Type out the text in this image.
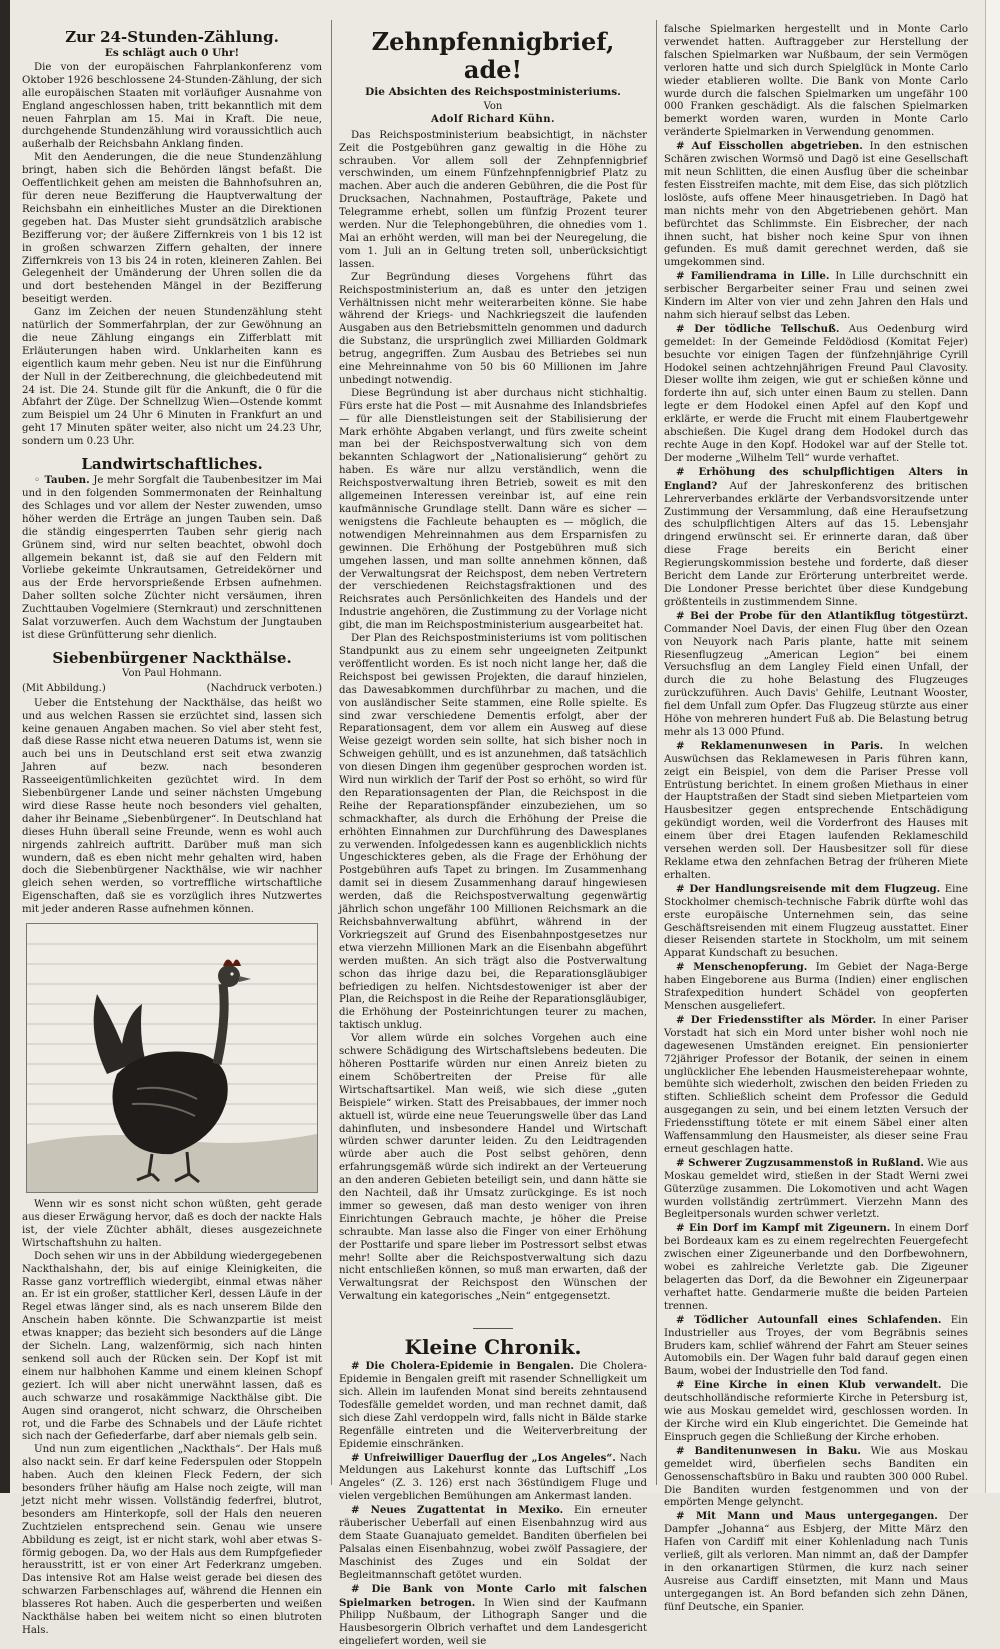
Zur 24-Stunden-Zählung.
Es schlägt auch 0 Uhr!

Die von der europäischen Fahrplankonferenz vom Oktober 1926 beschlossene 24-Stunden-Zählung, der sich alle europäischen Staaten mit vorläufiger Ausnahme von England angeschlossen haben, tritt bekanntlich mit dem neuen Fahrplan am 15. Mai in Kraft. Die neue, durchgehende Stundenzählung wird voraussichtlich auch außerhalb der Reichsbahn Anklang finden.

Mit den Aenderungen, die die neue Stundenzählung bringt, haben sich die Behörden längst befaßt. Die Oeffentlichkeit gehen am meisten die Bahnhofsuhren an, für deren neue Bezifferung die Hauptverwaltung der Reichsbahn ein einheitliches Muster an die Direktionen gegeben hat. Das Muster sieht grundsätzlich arabische Bezifferung vor; der äußere Ziffernkreis von 1 bis 12 ist in großen schwarzen Ziffern gehalten, der innere Ziffernkreis von 13 bis 24 in roten, kleineren Zahlen. Bei Gelegenheit der Umänderung der Uhren sollen die da und dort bestehenden Mängel in der Bezifferung beseitigt werden.

Ganz im Zeichen der neuen Stundenzählung steht natürlich der Sommerfahrplan, der zur Gewöhnung an die neue Zählung eingangs ein Zifferblatt mit Erläuterungen haben wird. Unklarheiten kann es eigentlich kaum mehr geben. Neu ist nur die Einführung der Null in der Zeitberechnung, die gleichbedeutend mit 24 ist. Die 24. Stunde gilt für die Ankunft, die 0 für die Abfahrt der Züge. Der Schnellzug Wien—Ostende kommt zum Beispiel um 24 Uhr 6 Minuten in Frankfurt an und geht 17 Minuten später weiter, also nicht um 24.23 Uhr, sondern um 0.23 Uhr.

Landwirtschaftliches.

◦ Tauben. Je mehr Sorgfalt die Taubenbesitzer im Mai und in den folgenden Sommermonaten der Reinhaltung des Schlages und vor allem der Nester zuwenden, umso höher werden die Erträge an jungen Tauben sein. Daß die ständig eingesperrten Tauben sehr gierig nach Grünem sind, wird nur selten beachtet, obwohl doch allgemein bekannt ist, daß sie auf den Feldern mit Vorliebe gekeimte Unkrautsamen, Getreidekörner und aus der Erde hervorsprießende Erbsen aufnehmen. Daher sollten solche Züchter nicht versäumen, ihren Zuchttauben Vogelmiere (Sternkraut) und zerschnittenen Salat vorzuwerfen. Auch dem Wachstum der Jungtauben ist diese Grünfütterung sehr dienlich.

Siebenbürgener Nackthälse.
Von Paul Hohmann.
(Mit Abbildung.)	(Nachdruck verboten.)

Ueber die Entstehung der Nackthälse, das heißt wo und aus welchen Rassen sie erzüchtet sind, lassen sich keine genauen Angaben machen. So viel aber steht fest, daß diese Rasse nicht etwa neueren Datums ist, wenn sie auch bei uns in Deutschland erst seit etwa zwanzig Jahren auf bezw. nach besonderen Rasseeigentümlichkeiten gezüchtet wird. In dem Siebenbürgener Lande und seiner nächsten Umgebung wird diese Rasse heute noch besonders viel gehalten, daher ihr Beiname „Siebenbürgener“. In Deutschland hat dieses Huhn überall seine Freunde, wenn es wohl auch nirgends zahlreich auftritt. Darüber muß man sich wundern, daß es eben nicht mehr gehalten wird, haben doch die Siebenbürgener Nackthälse, wie wir nachher gleich sehen werden, so vortreffliche wirtschaftliche Eigenschaften, daß sie es vorzüglich ihres Nutzwertes mit jeder anderen Rasse aufnehmen können.

Wenn wir es sonst nicht schon wüßten, geht gerade aus dieser Erwägung hervor, daß es doch der nackte Hals ist, der viele Züchter abhält, dieses ausgezeichnete Wirtschaftshuhn zu halten.

Doch sehen wir uns in der Abbildung wiedergegebenen Nackthalshahn, der, bis auf einige Kleinigkeiten, die Rasse ganz vortrefflich wiedergibt, einmal etwas näher an. Er ist ein großer, stattlicher Kerl, dessen Läufe in der Regel etwas länger sind, als es nach unserem Bilde den Anschein haben könnte. Die Schwanzpartie ist meist etwas knapper; das bezieht sich besonders auf die Länge der Sicheln. Lang, walzenförmig, sich nach hinten senkend soll auch der Rücken sein. Der Kopf ist mit einem nur halbhohen Kamme und einem kleinen Schopf geziert. Ich will aber nicht unerwähnt lassen, daß es auch schwarze und rosakämmige Nackthälse gibt. Die Augen sind orangerot, nicht schwarz, die Ohrscheiben rot, und die Farbe des Schnabels und der Läufe richtet sich nach der Gefiederfarbe, darf aber niemals gelb sein.

Und nun zum eigentlichen „Nackthals“. Der Hals muß also nackt sein. Er darf keine Federspulen oder Stoppeln haben. Auch den kleinen Fleck Federn, der sich besonders früher häufig am Halse noch zeigte, will man jetzt nicht mehr wissen. Vollständig federfrei, blutrot, besonders am Hinterkopfe, soll der Hals den neueren Zuchtzielen entsprechend sein. Genau wie unsere Abbildung es zeigt, ist er nicht stark, wohl aber etwas S-förmig gebogen. Da, wo der Hals aus dem Rumpfgefieder herausstritt, ist er von einer Art Federkranz umgeben. Das intensive Rot am Halse weist gerade bei diesen des schwarzen Farbenschlages auf, während die Hennen ein blasseres Rot haben. Auch die gesperberten und weißen Nackthälse haben bei weitem nicht so einen blutroten Hals.

Zehnpfennigbrief, ade!
Die Absichten des Reichspostministeriums.
Von
Adolf Richard Kühn.

Das Reichspostministerium beabsichtigt, in nächster Zeit die Postgebühren ganz gewaltig in die Höhe zu schrauben. Vor allem soll der Zehnpfennigbrief verschwinden, um einem Fünfzehnpfennigbrief Platz zu machen. Aber auch die anderen Gebühren, die die Post für Drucksachen, Nachnahmen, Postaufträge, Pakete und Telegramme erhebt, sollen um fünfzig Prozent teurer werden. Nur die Telephongebühren, die ohnedies vom 1. Mai an erhöht werden, will man bei der Neuregelung, die vom 1. Juli an in Geltung treten soll, unberücksichtigt lassen.

Zur Begründung dieses Vorgehens führt das Reichspostministerium an, daß es unter den jetzigen Verhältnissen nicht mehr weiterarbeiten könne. Sie habe während der Kriegs- und Nachkriegszeit die laufenden Ausgaben aus den Betriebsmitteln genommen und dadurch die Substanz, die ursprünglich zwei Milliarden Goldmark betrug, angegriffen. Zum Ausbau des Betriebes sei nun eine Mehreinnahme von 50 bis 60 Millionen im Jahre unbedingt notwendig.

Diese Begründung ist aber durchaus nicht stichhaltig. Fürs erste hat die Post — mit Ausnahme des Inlandsbriefes — für alle Dienstleistungen seit der Stabilisierung der Mark erhöhte Abgaben verlangt, und fürs zweite scheint man bei der Reichspostverwaltung sich von dem bekannten Schlagwort der „Nationalisierung“ gehört zu haben. Es wäre nur allzu verständlich, wenn die Reichspostverwaltung ihren Betrieb, soweit es mit den allgemeinen Interessen vereinbar ist, auf eine rein kaufmännische Grundlage stellt. Dann wäre es sicher — wenigstens die Fachleute behaupten es — möglich, die notwendigen Mehreinnahmen aus dem Ersparnisfen zu gewinnen. Die Erhöhung der Postgebühren muß sich umgehen lassen, und man sollte annehmen können, daß der Verwaltungsrat der Reichspost, dem neben Vertretern der verschiedenen Reichstagsfraktionen und des Reichsrates auch Persönlichkeiten des Handels und der Industrie angehören, die Zustimmung zu der Vorlage nicht gibt, die man im Reichspostministerium ausgearbeitet hat.

Der Plan des Reichspostministeriums ist vom politischen Standpunkt aus zu einem sehr ungeeigneten Zeitpunkt veröffentlicht worden. Es ist noch nicht lange her, daß die Reichspost bei gewissen Projekten, die darauf hinzielen, das Dawesabkommen durchführbar zu machen, und die von ausländischer Seite stammen, eine Rolle spielte. Es sind zwar verschiedene Dementis erfolgt, aber der Reparationsagent, dem vor allem ein Ausweg auf diese Weise gezeigt worden sein sollte, hat sich bisher noch in Schweigen gehüllt, und es ist anzunehmen, daß tatsächlich von diesen Dingen ihm gegenüber gesprochen worden ist. Wird nun wirklich der Tarif der Post so erhöht, so wird für den Reparationsagenten der Plan, die Reichspost in die Reihe der Reparationspfänder einzubeziehen, um so schmackhafter, als durch die Erhöhung der Preise die erhöhten Einnahmen zur Durchführung des Dawesplanes zu verwenden. Infolgedessen kann es augenblicklich nichts Ungeschickteres geben, als die Frage der Erhöhung der Postgebühren aufs Tapet zu bringen. Im Zusammenhang damit sei in diesem Zusammenhang darauf hingewiesen werden, daß die Reichspostverwaltung gegenwärtig jährlich schon ungefähr 100 Millionen Reichsmark an die Reichsbahnverwaltung abführt, während in der Vorkriegszeit auf Grund des Eisenbahnpostgesetzes nur etwa vierzehn Millionen Mark an die Eisenbahn abgeführt werden mußten. An sich trägt also die Postverwaltung schon das ihrige dazu bei, die Reparationsgläubiger befriedigen zu helfen. Nichtsdestoweniger ist aber der Plan, die Reichspost in die Reihe der Reparationsgläubiger, die Erhöhung der Posteinrichtungen teurer zu machen, taktisch unklug.

Vor allem würde ein solches Vorgehen auch eine schwere Schädigung des Wirtschaftslebens bedeuten. Die höheren Posttarife würden nur einen Anreiz bieten zu einem Schöbertreiten der Preise für alle Wirtschaftsartikel. Man weiß, wie sich diese „guten Beispiele“ wirken. Statt des Preisabbaues, der immer noch aktuell ist, würde eine neue Teuerungswelle über das Land dahinfluten, und insbesondere Handel und Wirtschaft würden schwer darunter leiden. Zu den Leidtragenden würde aber auch die Post selbst gehören, denn erfahrungsgemäß würde sich indirekt an der Verteuerung an den anderen Gebieten beteiligt sein, und dann hätte sie den Nachteil, daß ihr Umsatz zurückginge. Es ist noch immer so gewesen, daß man desto weniger von ihren Einrichtungen Gebrauch machte, je höher die Preise schraubte. Man lasse also die Finger von einer Erhöhung der Posttarife und spare lieber im Postressort selbst etwas mehr! Sollte aber die Reichspostverwaltung sich dazu nicht entschließen können, so muß man erwarten, daß der Verwaltungsrat der Reichspost den Wünschen der Verwaltung ein kategorisches „Nein“ entgegensetzt.

Kleine Chronik.

# Die Cholera-Epidemie in Bengalen. Die Cholera-Epidemie in Bengalen greift mit rasender Schnelligkeit um sich. Allein im laufenden Monat sind bereits zehntausend Todesfälle gemeldet worden, und man rechnet damit, daß sich diese Zahl verdoppeln wird, falls nicht in Bälde starke Regenfälle eintreten und die Weiterverbreitung der Epidemie einschränken.

# Unfreiwilliger Dauerflug der „Los Angeles“. Nach Meldungen aus Lakehurst konnte das Luftschiff „Los Angeles“ (Z. 3. 126) erst nach 36stündigem Fluge und vielen vergeblichen Bemühungen am Ankermast landen.

# Neues Zugattentat in Mexiko. Ein erneuter räuberischer Ueberfall auf einen Eisenbahnzug wird aus dem Staate Guanajuato gemeldet. Banditen überfielen bei Palsalas einen Eisenbahnzug, wobei zwölf Passagiere, der Maschinist des Zuges und ein Soldat der Begleitmannschaft getötet wurden.

# Die Bank von Monte Carlo mit falschen Spielmarken betrogen. In Wien sind der Kaufmann Philipp Nußbaum, der Lithograph Sanger und die Hausbesorgerin Olbrich verhaftet und dem Landesgericht eingeliefert worden, weil sie

falsche Spielmarken hergestellt und in Monte Carlo verwendet hatten. Auftraggeber zur Herstellung der falschen Spielmarken war Nußbaum, der sein Vermögen verloren hatte und sich durch Spielglück in Monte Carlo wieder etablieren wollte. Die Bank von Monte Carlo wurde durch die falschen Spielmarken um ungefähr 100 000 Franken geschädigt. Als die falschen Spielmarken bemerkt worden waren, wurden in Monte Carlo veränderte Spielmarken in Verwendung genommen.

# Auf Eisschollen abgetrieben. In den estnischen Schären zwischen Wormsö und Dagö ist eine Gesellschaft mit neun Schlitten, die einen Ausflug über die scheinbar festen Eisstreifen machte, mit dem Eise, das sich plötzlich loslöste, aufs offene Meer hinausgetrieben. In Dagö hat man nichts mehr von den Abgetriebenen gehört. Man befürchtet das Schlimmste. Ein Eisbrecher, der nach ihnen sucht, hat bisher noch keine Spur von ihnen gefunden. Es muß damit gerechnet werden, daß sie umgekommen sind.

# Familiendrama in Lille. In Lille durchschnitt ein serbischer Bergarbeiter seiner Frau und seinen zwei Kindern im Alter von vier und zehn Jahren den Hals und nahm sich hierauf selbst das Leben.

# Der tödliche Tellschuß. Aus Oedenburg wird gemeldet: In der Gemeinde Feldödiosd (Komitat Fejer) besuchte vor einigen Tagen der fünfzehnjährige Cyrill Hodokel seinen achtzehnjährigen Freund Paul Clavosity. Dieser wollte ihm zeigen, wie gut er schießen könne und forderte ihn auf, sich unter einen Baum zu stellen. Dann legte er dem Hodokel einen Apfel auf den Kopf und erklärte, er werde die Frucht mit einem Flaubertgewehr abschießen. Die Kugel drang dem Hodokel durch das rechte Auge in den Kopf. Hodokel war auf der Stelle tot. Der moderne „Wilhelm Tell“ wurde verhaftet.

# Erhöhung des schulpflichtigen Alters in England? Auf der Jahreskonferenz des britischen Lehrerverbandes erklärte der Verbandsvorsitzende unter Zustimmung der Versammlung, daß eine Heraufsetzung des schulpflichtigen Alters auf das 15. Lebensjahr dringend erwünscht sei. Er erinnerte daran, daß über diese Frage bereits ein Bericht einer Regierungskommission bestehe und forderte, daß dieser Bericht dem Lande zur Erörterung unterbreitet werde. Die Londoner Presse berichtet über diese Kundgebung größtenteils in zustimmendem Sinne.

# Bei der Probe für den Atlantikflug tötgestürzt. Commander Noel Davis, der einen Flug über den Ozean von Neuyork nach Paris plante, hatte mit seinem Riesenflugzeug „American Legion“ bei einem Versuchsflug an dem Langley Field einen Unfall, der durch die zu hohe Belastung des Flugzeuges zurückzuführen. Auch Davis' Gehilfe, Leutnant Wooster, fiel dem Unfall zum Opfer. Das Flugzeug stürzte aus einer Höhe von mehreren hundert Fuß ab. Die Belastung betrug mehr als 13 000 Pfund.

# Reklamenunwesen in Paris. In welchen Auswüchsen das Reklamewesen in Paris führen kann, zeigt ein Beispiel, von dem die Pariser Presse voll Entrüstung berichtet. In einem großen Miethaus in einer der Hauptstraßen der Stadt sind sieben Mietparteien vom Hausbesitzer gegen entsprechende Entschädigung gekündigt worden, weil die Vorderfront des Hauses mit einem über drei Etagen laufenden Reklameschild versehen werden soll. Der Hausbesitzer soll für diese Reklame etwa den zehnfachen Betrag der früheren Miete erhalten.

# Der Handlungsreisende mit dem Flugzeug. Eine Stockholmer chemisch-technische Fabrik dürfte wohl das erste europäische Unternehmen sein, das seine Geschäftsreisenden mit einem Flugzeug ausstattet. Einer dieser Reisenden startete in Stockholm, um mit seinem Apparat Kundschaft zu besuchen.

# Menschenopferung. Im Gebiet der Naga-Berge haben Eingeborene aus Burma (Indien) einer englischen Strafexpedition hundert Schädel von geopferten Menschen ausgeliefert.

# Der Friedensstifter als Mörder. In einer Pariser Vorstadt hat sich ein Mord unter bisher wohl noch nie dagewesenen Umständen ereignet. Ein pensionierter 72jähriger Professor der Botanik, der seinen in einem unglücklicher Ehe lebenden Hausmeisterehepaar wohnte, bemühte sich wiederholt, zwischen den beiden Frieden zu stiften. Schließlich scheint dem Professor die Geduld ausgegangen zu sein, und bei einem letzten Versuch der Friedensstiftung tötete er mit einem Säbel einer alten Waffensammlung den Hausmeister, als dieser seine Frau erneut geschlagen hatte.

# Schwerer Zugzusammenstoß in Rußland. Wie aus Moskau gemeldet wird, stießen in der Stadt Werni zwei Güterzüge zusammen. Die Lokomotiven und acht Wagen wurden vollständig zertrümmert. Vierzehn Mann des Begleitpersonals wurden schwer verletzt.

# Ein Dorf im Kampf mit Zigeunern. In einem Dorf bei Bordeaux kam es zu einem regelrechten Feuergefecht zwischen einer Zigeunerbande und den Dorfbewohnern, wobei es zahlreiche Verletzte gab. Die Zigeuner belagerten das Dorf, da die Bewohner ein Zigeunerpaar verhaftet hatte. Gendarmerie mußte die beiden Parteien trennen.

# Tödlicher Autounfall eines Schlafenden. Ein Industrieller aus Troyes, der vom Begräbnis seines Bruders kam, schlief während der Fahrt am Steuer seines Automobils ein. Der Wagen fuhr bald darauf gegen einen Baum, wobei der Industrielle den Tod fand.

# Eine Kirche in einen Klub verwandelt. Die deutschholländische reformierte Kirche in Petersburg ist, wie aus Moskau gemeldet wird, geschlossen worden. In der Kirche wird ein Klub eingerichtet. Die Gemeinde hat Einspruch gegen die Schließung der Kirche erhoben.

# Banditenunwesen in Baku. Wie aus Moskau gemeldet wird, überfielen sechs Banditen ein Genossenschaftsbüro in Baku und raubten 300 000 Rubel. Die Banditen wurden festgenommen und von der empörten Menge gelyncht.

# Mit Mann und Maus untergegangen. Der Dampfer „Johanna“ aus Esbjerg, der Mitte März den Hafen von Cardiff mit einer Kohlenladung nach Tunis verließ, gilt als verloren. Man nimmt an, daß der Dampfer in den orkanartigen Stürmen, die kurz nach seiner Ausreise aus Cardiff einsetzten, mit Mann und Maus untergegangen ist. An Bord befanden sich zehn Dänen, fünf Deutsche, ein Spanier.
